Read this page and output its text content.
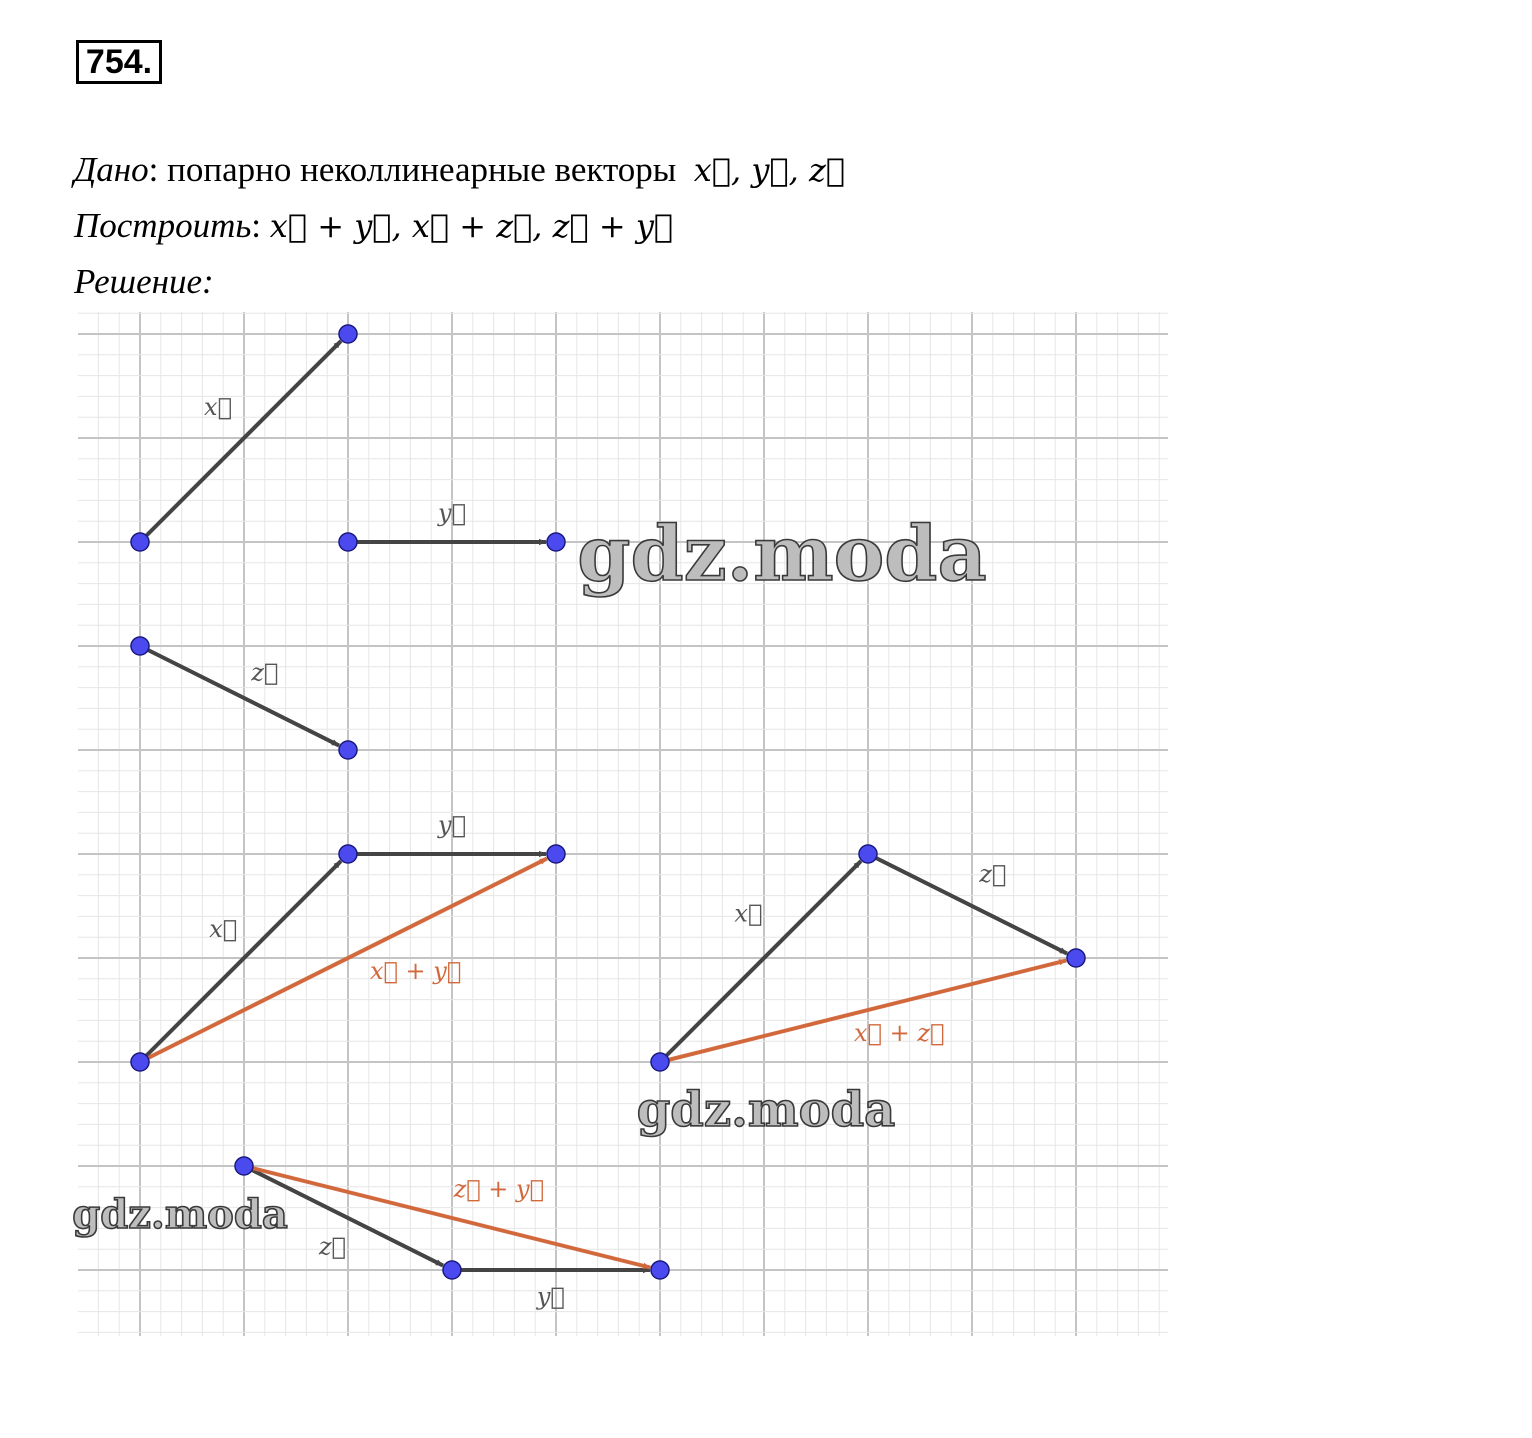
754.
Дано: попарно неколлинеарные векторы  x⃗, y⃗, z⃗
Построить: x⃗ + y⃗, x⃗ + z⃗, z⃗ + y⃗
Решение:
x⃗
y⃗
z⃗
x⃗
y⃗
x⃗ + y⃗
x⃗
z⃗
x⃗ + z⃗
z⃗
y⃗
z⃗ + y⃗
gdz.moda
gdz.moda
gdz.moda
